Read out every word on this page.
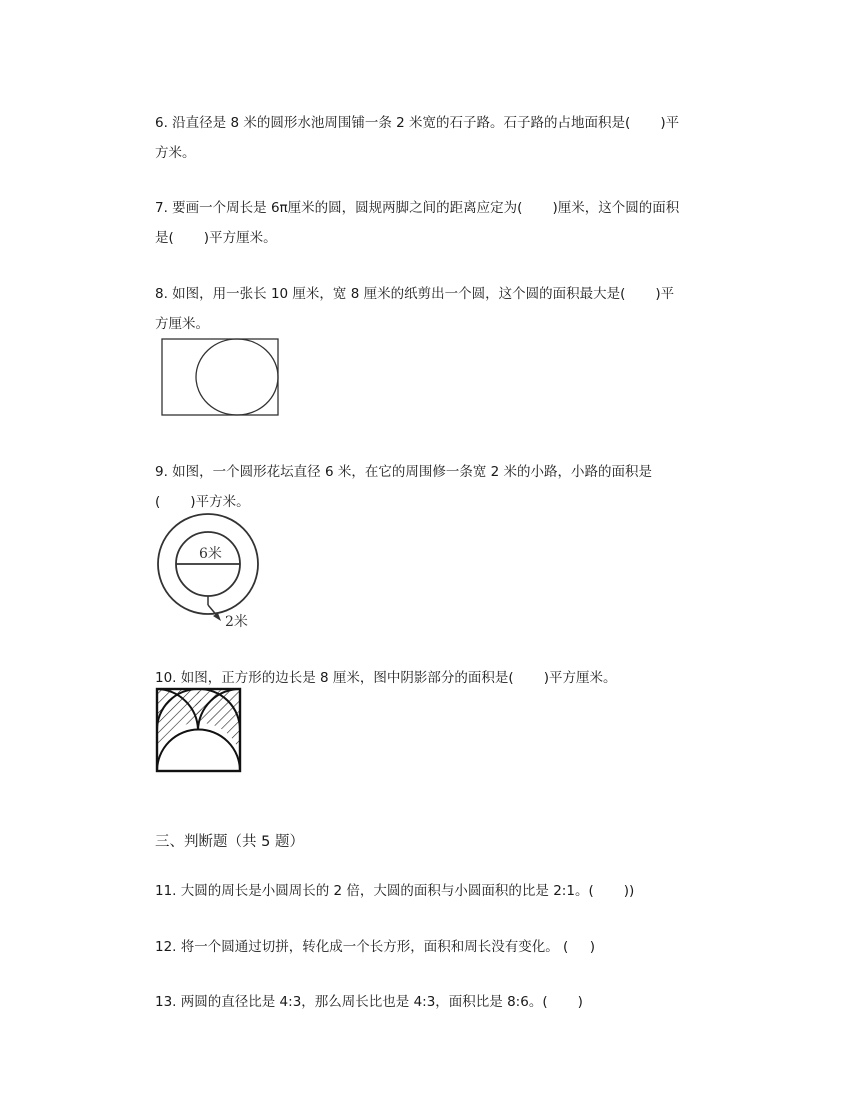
6. 沿直径是 8 米的圆形水池周围铺一条 2 米宽的石子路。石子路的占地面积是(       )平
方米。
7. 要画一个周长是 6π厘米的圆，圆规两脚之间的距离应定为(       )厘米，这个圆的面积
是(       )平方厘米。
8. 如图，用一张长 10 厘米，宽 8 厘米的纸剪出一个圆，这个圆的面积最大是(       )平
方厘米。
9. 如图，一个圆形花坛直径 6 米，在它的周围修一条宽 2 米的小路，小路的面积是
(       )平方米。
6米
2米
10. 如图，正方形的边长是 8 厘米，图中阴影部分的面积是(       )平方厘米。
三、判断题（共 5 题）
11. 大圆的周长是小圆周长的 2 倍，大圆的面积与小圆面积的比是 2:1。(       ))
12. 将一个圆通过切拼，转化成一个长方形，面积和周长没有变化。 (     )
13. 两圆的直径比是 4:3，那么周长比也是 4:3，面积比是 8:6。(       )
